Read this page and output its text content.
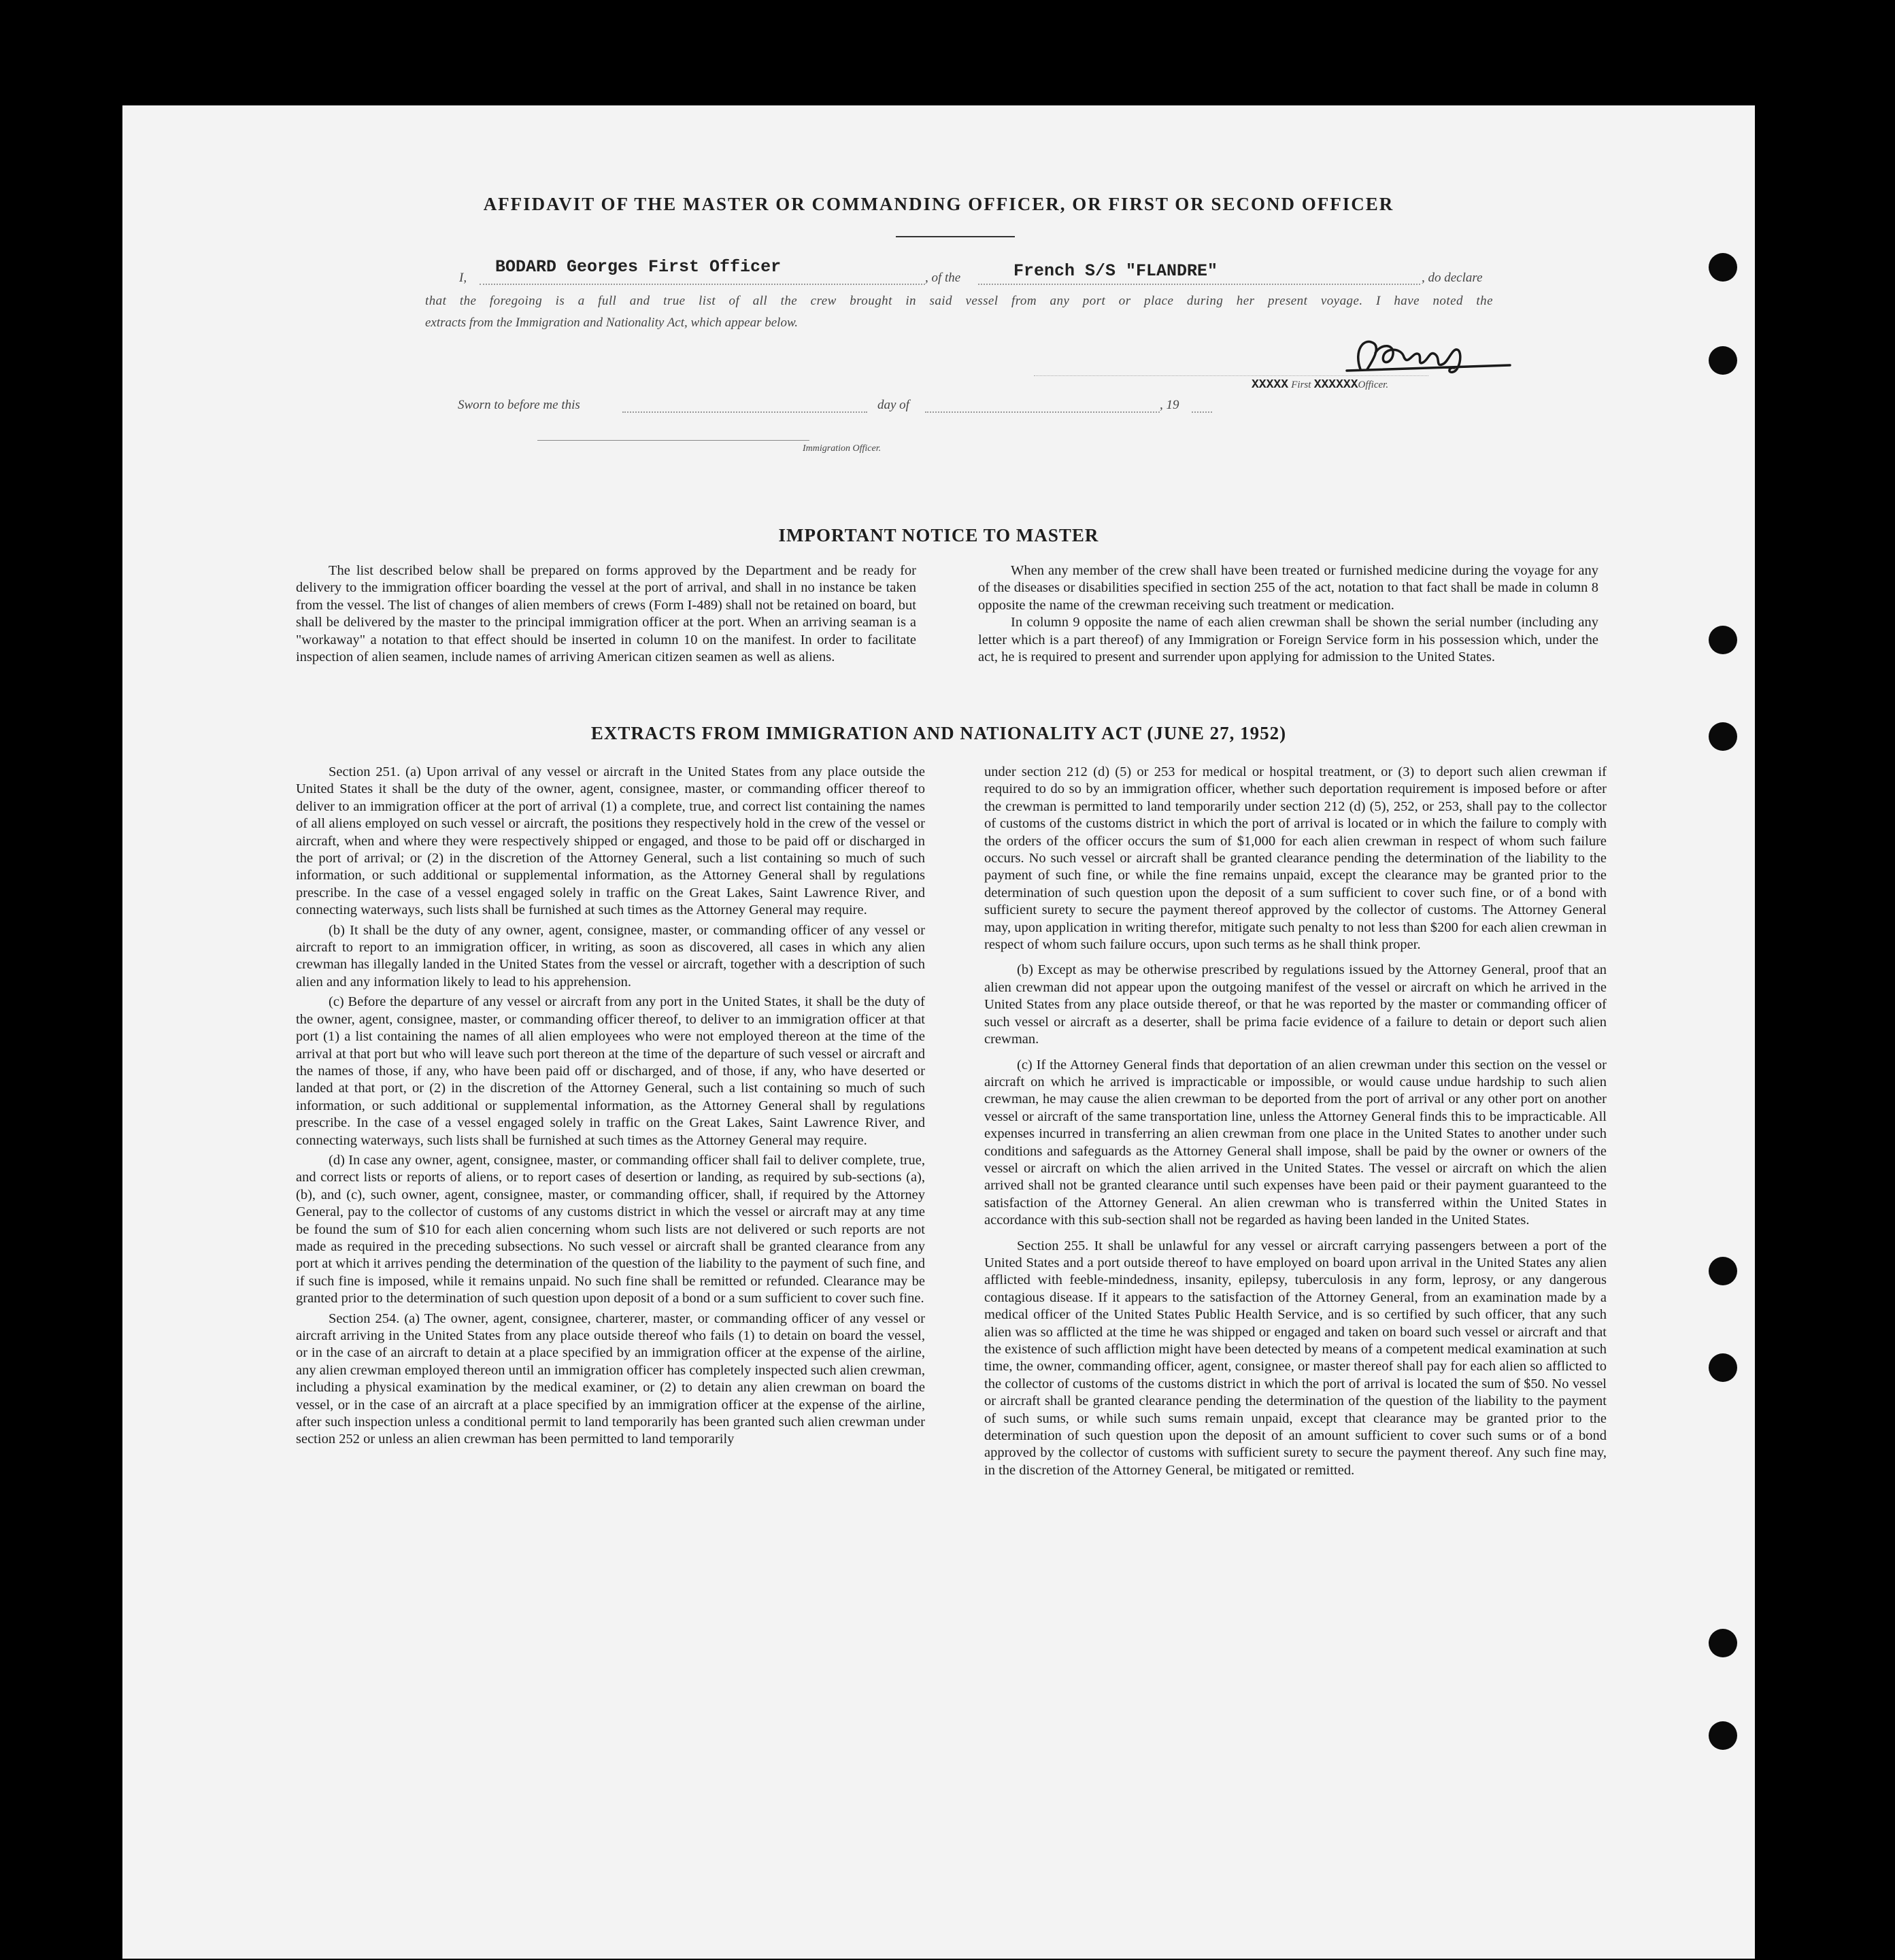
AFFIDAVIT OF THE MASTER OR COMMANDING OFFICER, OR FIRST OR SECOND OFFICER
I,
BODARD Georges First Officer
, of the	French S/S "FLANDRE"	, do declare
that the foregoing is a full and true list of all the crew brought in said vessel from any port or place during her present voyage. I have noted the
extracts from the Immigration and Nationality Act, which appear below.
XXXXX First XXXXXXOfficer.
Sworn to before me this	day of	, 19
Immigration Officer.
IMPORTANT NOTICE TO MASTER

The list described below shall be prepared on forms approved by the Department and be ready for delivery to the immigration officer boarding the vessel at the port of arrival, and shall in no instance be taken from the vessel. The list of changes of alien members of crews (Form I-489) shall not be retained on board, but shall be delivered by the master to the principal immigration officer at the port. When an arriving seaman is a "workaway" a notation to that effect should be inserted in column 10 on the manifest. In order to facilitate inspection of alien seamen, include names of arriving American citizen seamen as well as aliens.

When any member of the crew shall have been treated or furnished medicine during the voyage for any of the diseases or disabilities specified in section 255 of the act, notation to that fact shall be made in column 8 opposite the name of the crewman receiving such treatment or medication.

In column 9 opposite the name of each alien crewman shall be shown the serial number (including any letter which is a part thereof) of any Immigration or Foreign Service form in his possession which, under the act, he is required to present and surrender upon applying for admission to the United States.

EXTRACTS FROM IMMIGRATION AND NATIONALITY ACT (JUNE 27, 1952)

Section 251. (a) Upon arrival of any vessel or aircraft in the United States from any place outside the United States it shall be the duty of the owner, agent, consignee, master, or commanding officer thereof to deliver to an immigration officer at the port of arrival (1) a complete, true, and correct list containing the names of all aliens employed on such vessel or aircraft, the positions they respectively hold in the crew of the vessel or aircraft, when and where they were respectively shipped or engaged, and those to be paid off or discharged in the port of arrival; or (2) in the discretion of the Attorney General, such a list containing so much of such information, or such additional or supplemental information, as the Attorney General shall by regulations prescribe. In the case of a vessel engaged solely in traffic on the Great Lakes, Saint Lawrence River, and connecting waterways, such lists shall be furnished at such times as the Attorney General may require.

(b) It shall be the duty of any owner, agent, consignee, master, or commanding officer of any vessel or aircraft to report to an immigration officer, in writing, as soon as discovered, all cases in which any alien crewman has illegally landed in the United States from the vessel or aircraft, together with a description of such alien and any information likely to lead to his apprehension.

(c) Before the departure of any vessel or aircraft from any port in the United States, it shall be the duty of the owner, agent, consignee, master, or commanding officer thereof, to deliver to an immigration officer at that port (1) a list containing the names of all alien employees who were not employed thereon at the time of the arrival at that port but who will leave such port thereon at the time of the departure of such vessel or aircraft and the names of those, if any, who have been paid off or discharged, and of those, if any, who have deserted or landed at that port, or (2) in the discretion of the Attorney General, such a list containing so much of such information, or such additional or supplemental information, as the Attorney General shall by regulations prescribe. In the case of a vessel engaged solely in traffic on the Great Lakes, Saint Lawrence River, and connecting waterways, such lists shall be furnished at such times as the Attorney General may require.

(d) In case any owner, agent, consignee, master, or commanding officer shall fail to deliver complete, true, and correct lists or reports of aliens, or to report cases of desertion or landing, as required by sub-sections (a), (b), and (c), such owner, agent, consignee, master, or commanding officer, shall, if required by the Attorney General, pay to the collector of customs of any customs district in which the vessel or aircraft may at any time be found the sum of $10 for each alien concerning whom such lists are not delivered or such reports are not made as required in the preceding subsections. No such vessel or aircraft shall be granted clearance from any port at which it arrives pending the determination of the question of the liability to the payment of such fine, and if such fine is imposed, while it remains unpaid. No such fine shall be remitted or refunded. Clearance may be granted prior to the determination of such question upon deposit of a bond or a sum sufficient to cover such fine.

Section 254. (a) The owner, agent, consignee, charterer, master, or commanding officer of any vessel or aircraft arriving in the United States from any place outside thereof who fails (1) to detain on board the vessel, or in the case of an aircraft to detain at a place specified by an immigration officer at the expense of the airline, any alien crewman employed thereon until an immigration officer has completely inspected such alien crewman, including a physical examination by the medical examiner, or (2) to detain any alien crewman on board the vessel, or in the case of an aircraft at a place specified by an immigration officer at the expense of the airline, after such inspection unless a conditional permit to land temporarily has been granted such alien crewman under section 252 or unless an alien crewman has been permitted to land temporarily

under section 212 (d) (5) or 253 for medical or hospital treatment, or (3) to deport such alien crewman if required to do so by an immigration officer, whether such deportation requirement is imposed before or after the crewman is permitted to land temporarily under section 212 (d) (5), 252, or 253, shall pay to the collector of customs of the customs district in which the port of arrival is located or in which the failure to comply with the orders of the officer occurs the sum of $1,000 for each alien crewman in respect of whom such failure occurs. No such vessel or aircraft shall be granted clearance pending the determination of the liability to the payment of such fine, or while the fine remains unpaid, except the clearance may be granted prior to the determination of such question upon the deposit of a sum sufficient to cover such fine, or of a bond with sufficient surety to secure the payment thereof approved by the collector of customs. The Attorney General may, upon application in writing therefor, mitigate such penalty to not less than $200 for each alien crewman in respect of whom such failure occurs, upon such terms as he shall think proper.

(b) Except as may be otherwise prescribed by regulations issued by the Attorney General, proof that an alien crewman did not appear upon the outgoing manifest of the vessel or aircraft on which he arrived in the United States from any place outside thereof, or that he was reported by the master or commanding officer of such vessel or aircraft as a deserter, shall be prima facie evidence of a failure to detain or deport such alien crewman.

(c) If the Attorney General finds that deportation of an alien crewman under this section on the vessel or aircraft on which he arrived is impracticable or impossible, or would cause undue hardship to such alien crewman, he may cause the alien crewman to be deported from the port of arrival or any other port on another vessel or aircraft of the same transportation line, unless the Attorney General finds this to be impracticable. All expenses incurred in transferring an alien crewman from one place in the United States to another under such conditions and safeguards as the Attorney General shall impose, shall be paid by the owner or owners of the vessel or aircraft on which the alien arrived in the United States. The vessel or aircraft on which the alien arrived shall not be granted clearance until such expenses have been paid or their payment guaranteed to the satisfaction of the Attorney General. An alien crewman who is transferred within the United States in accordance with this sub-section shall not be regarded as having been landed in the United States.

Section 255. It shall be unlawful for any vessel or aircraft carrying passengers between a port of the United States and a port outside thereof to have employed on board upon arrival in the United States any alien afflicted with feeble-mindedness, insanity, epilepsy, tuberculosis in any form, leprosy, or any dangerous contagious disease. If it appears to the satisfaction of the Attorney General, from an examination made by a medical officer of the United States Public Health Service, and is so certified by such officer, that any such alien was so afflicted at the time he was shipped or engaged and taken on board such vessel or aircraft and that the existence of such affliction might have been detected by means of a competent medical examination at such time, the owner, commanding officer, agent, consignee, or master thereof shall pay for each alien so afflicted to the collector of customs of the customs district in which the port of arrival is located the sum of $50. No vessel or aircraft shall be granted clearance pending the determination of the question of the liability to the payment of such sums, or while such sums remain unpaid, except that clearance may be granted prior to the determination of such question upon the deposit of an amount sufficient to cover such sums or of a bond approved by the collector of customs with sufficient surety to secure the payment thereof. Any such fine may, in the discretion of the Attorney General, be mitigated or remitted.
